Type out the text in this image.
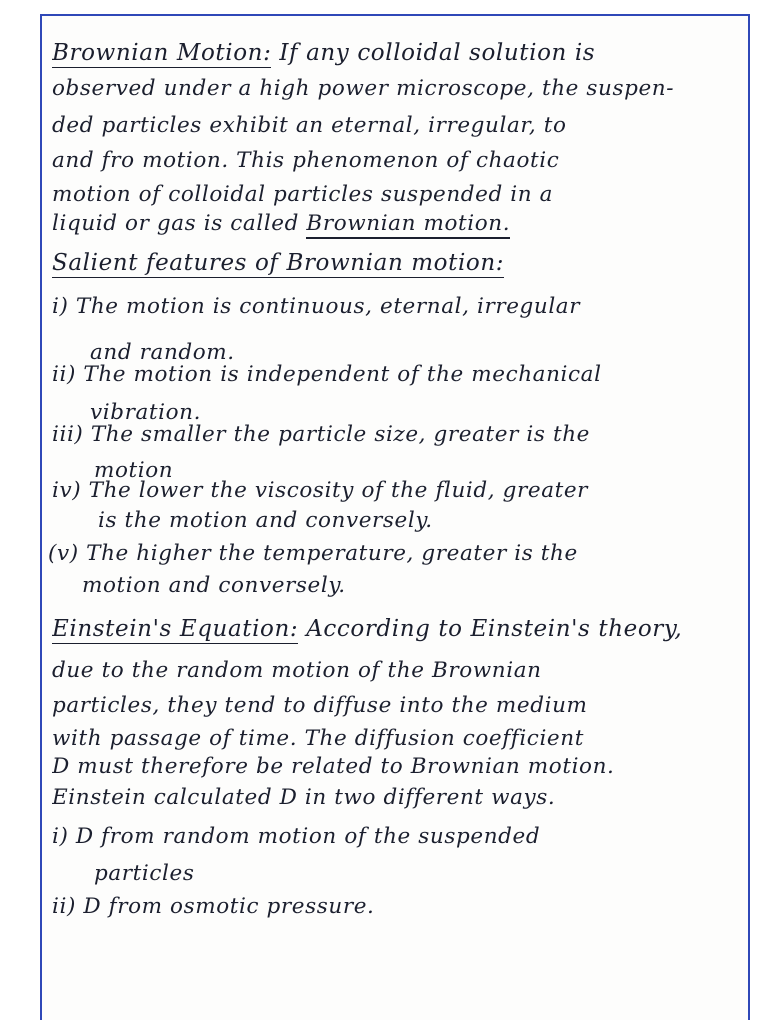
Brownian Motion: If any colloidal solution is
observed under a high power microscope, the suspen-
ded particles exhibit an eternal, irregular, to
and fro motion. This phenomenon of chaotic
motion of colloidal particles suspended in a
liquid or gas is called Brownian motion.
Salient features of Brownian motion:
i) The motion is continuous, eternal, irregular
and random.
ii) The motion is independent of the mechanical
vibration.
iii) The smaller the particle size, greater is the
motion
iv) The lower the viscosity of the fluid, greater
is the motion and conversely.
(v) The higher the temperature, greater is the
motion and conversely.
Einstein's Equation: According to Einstein's theory,
due to the random motion of the Brownian
particles, they tend to diffuse into the medium
with passage of time. The diffusion coefficient
D must therefore be related to Brownian motion.
Einstein calculated D in two different ways.
i) D from random motion of the suspended
particles
ii) D from osmotic pressure.
